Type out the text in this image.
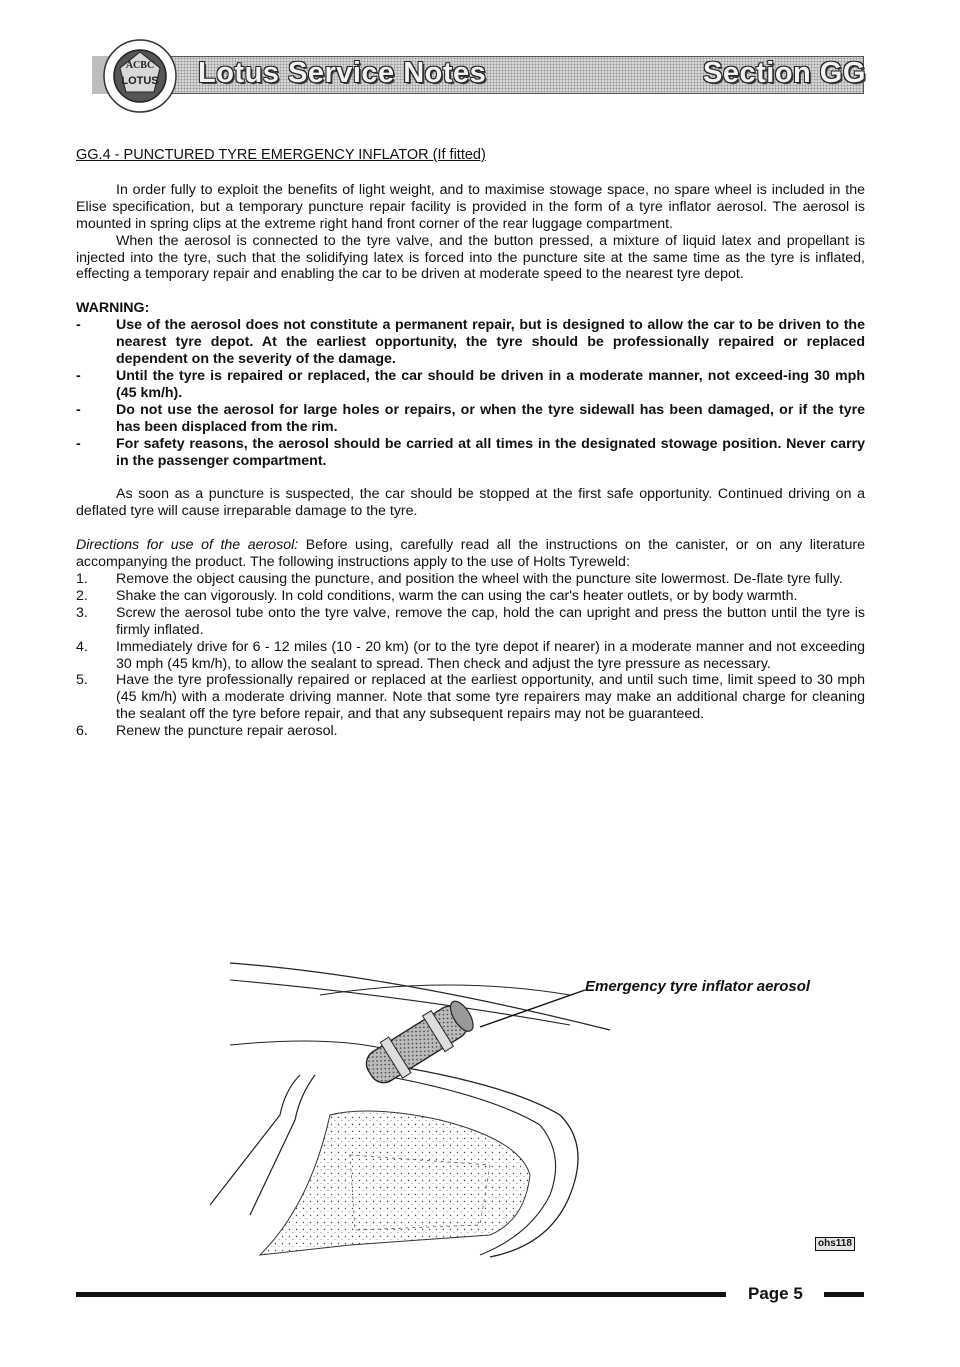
ACBC
LOTUS Lotus Service Notes	Section GG

GG.4 - PUNCTURED TYRE EMERGENCY INFLATOR (If fitted)

In order fully to exploit the benefits of light weight, and to maximise stowage space, no spare wheel is included in the Elise specification, but a temporary puncture repair facility is provided in the form of a tyre inflator aerosol. The aerosol is mounted in spring clips at the extreme right hand front corner of the rear luggage compartment.

When the aerosol is connected to the tyre valve, and the button pressed, a mixture of liquid latex and propellant is injected into the tyre, such that the solidifying latex is forced into the puncture site at the same time as the tyre is inflated, effecting a temporary repair and enabling the car to be driven at moderate speed to the nearest tyre depot.

WARNING:

- Use of the aerosol does not constitute a permanent repair, but is designed to allow the car to be driven to the nearest tyre depot. At the earliest opportunity, the tyre should be professionally repaired or replaced dependent on the severity of the damage.
- Until the tyre is repaired or replaced, the car should be driven in a moderate manner, not exceed-ing 30 mph (45 km/h).
- Do not use the aerosol for large holes or repairs, or when the tyre sidewall has been damaged, or if the tyre has been displaced from the rim.
- For safety reasons, the aerosol should be carried at all times in the designated stowage position. Never carry in the passenger compartment.

As soon as a puncture is suspected, the car should be stopped at the first safe opportunity. Continued driving on a deflated tyre will cause irreparable damage to the tyre.

Directions for use of the aerosol: Before using, carefully read all the instructions on the canister, or on any literature accompanying the product. The following instructions apply to the use of Holts Tyreweld:

1. Remove the object causing the puncture, and position the wheel with the puncture site lowermost. De-flate tyre fully.
2. Shake the can vigorously. In cold conditions, warm the can using the car's heater outlets, or by body warmth.
3. Screw the aerosol tube onto the tyre valve, remove the cap, hold the can upright and press the button until the tyre is firmly inflated.
4. Immediately drive for 6 - 12 miles (10 - 20 km) (or to the tyre depot if nearer) in a moderate manner and not exceeding 30 mph (45 km/h), to allow the sealant to spread. Then check and adjust the tyre pressure as necessary.
5. Have the tyre professionally repaired or replaced at the earliest opportunity, and until such time, limit speed to 30 mph (45 km/h) with a moderate driving manner. Note that some tyre repairers may make an additional charge for cleaning the sealant off the tyre before repair, and that any subsequent repairs may not be guaranteed.
6. Renew the puncture repair aerosol.
Emergency tyre inflator aerosol
ohs118
Page 5
